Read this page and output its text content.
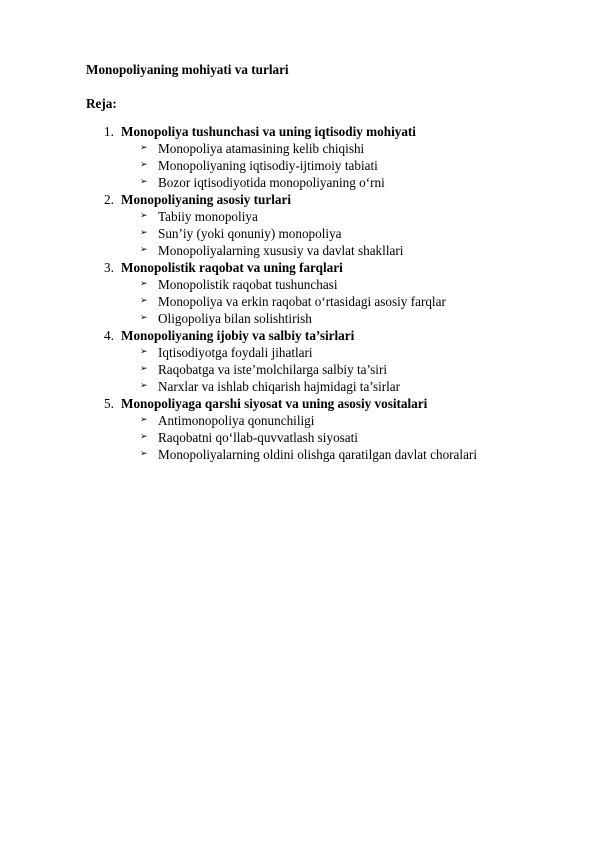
Monopoliyaning mohiyati va turlari
Reja:
1. Monopoliya tushunchasi va uning iqtisodiy mohiyati
➢ Monopoliya atamasining kelib chiqishi
➢ Monopoliyaning iqtisodiy-ijtimoiy tabiati
➢ Bozor iqtisodiyotida monopoliyaning o‘rni
2. Monopoliyaning asosiy turlari
➢ Tabiiy monopoliya
➢ Sun’iy (yoki qonuniy) monopoliya
➢ Monopoliyalarning xususiy va davlat shakllari
3. Monopolistik raqobat va uning farqlari
➢ Monopolistik raqobat tushunchasi
➢ Monopoliya va erkin raqobat o‘rtasidagi asosiy farqlar
➢ Oligopoliya bilan solishtirish
4. Monopoliyaning ijobiy va salbiy ta’sirlari
➢ Iqtisodiyotga foydali jihatlari
➢ Raqobatga va iste’molchilarga salbiy ta’siri
➢ Narxlar va ishlab chiqarish hajmidagi ta’sirlar
5. Monopoliyaga qarshi siyosat va uning asosiy vositalari
➢ Antimonopoliya qonunchiligi
➢ Raqobatni qo‘llab-quvvatlash siyosati
➢ Monopoliyalarning oldini olishga qaratilgan davlat choralari
